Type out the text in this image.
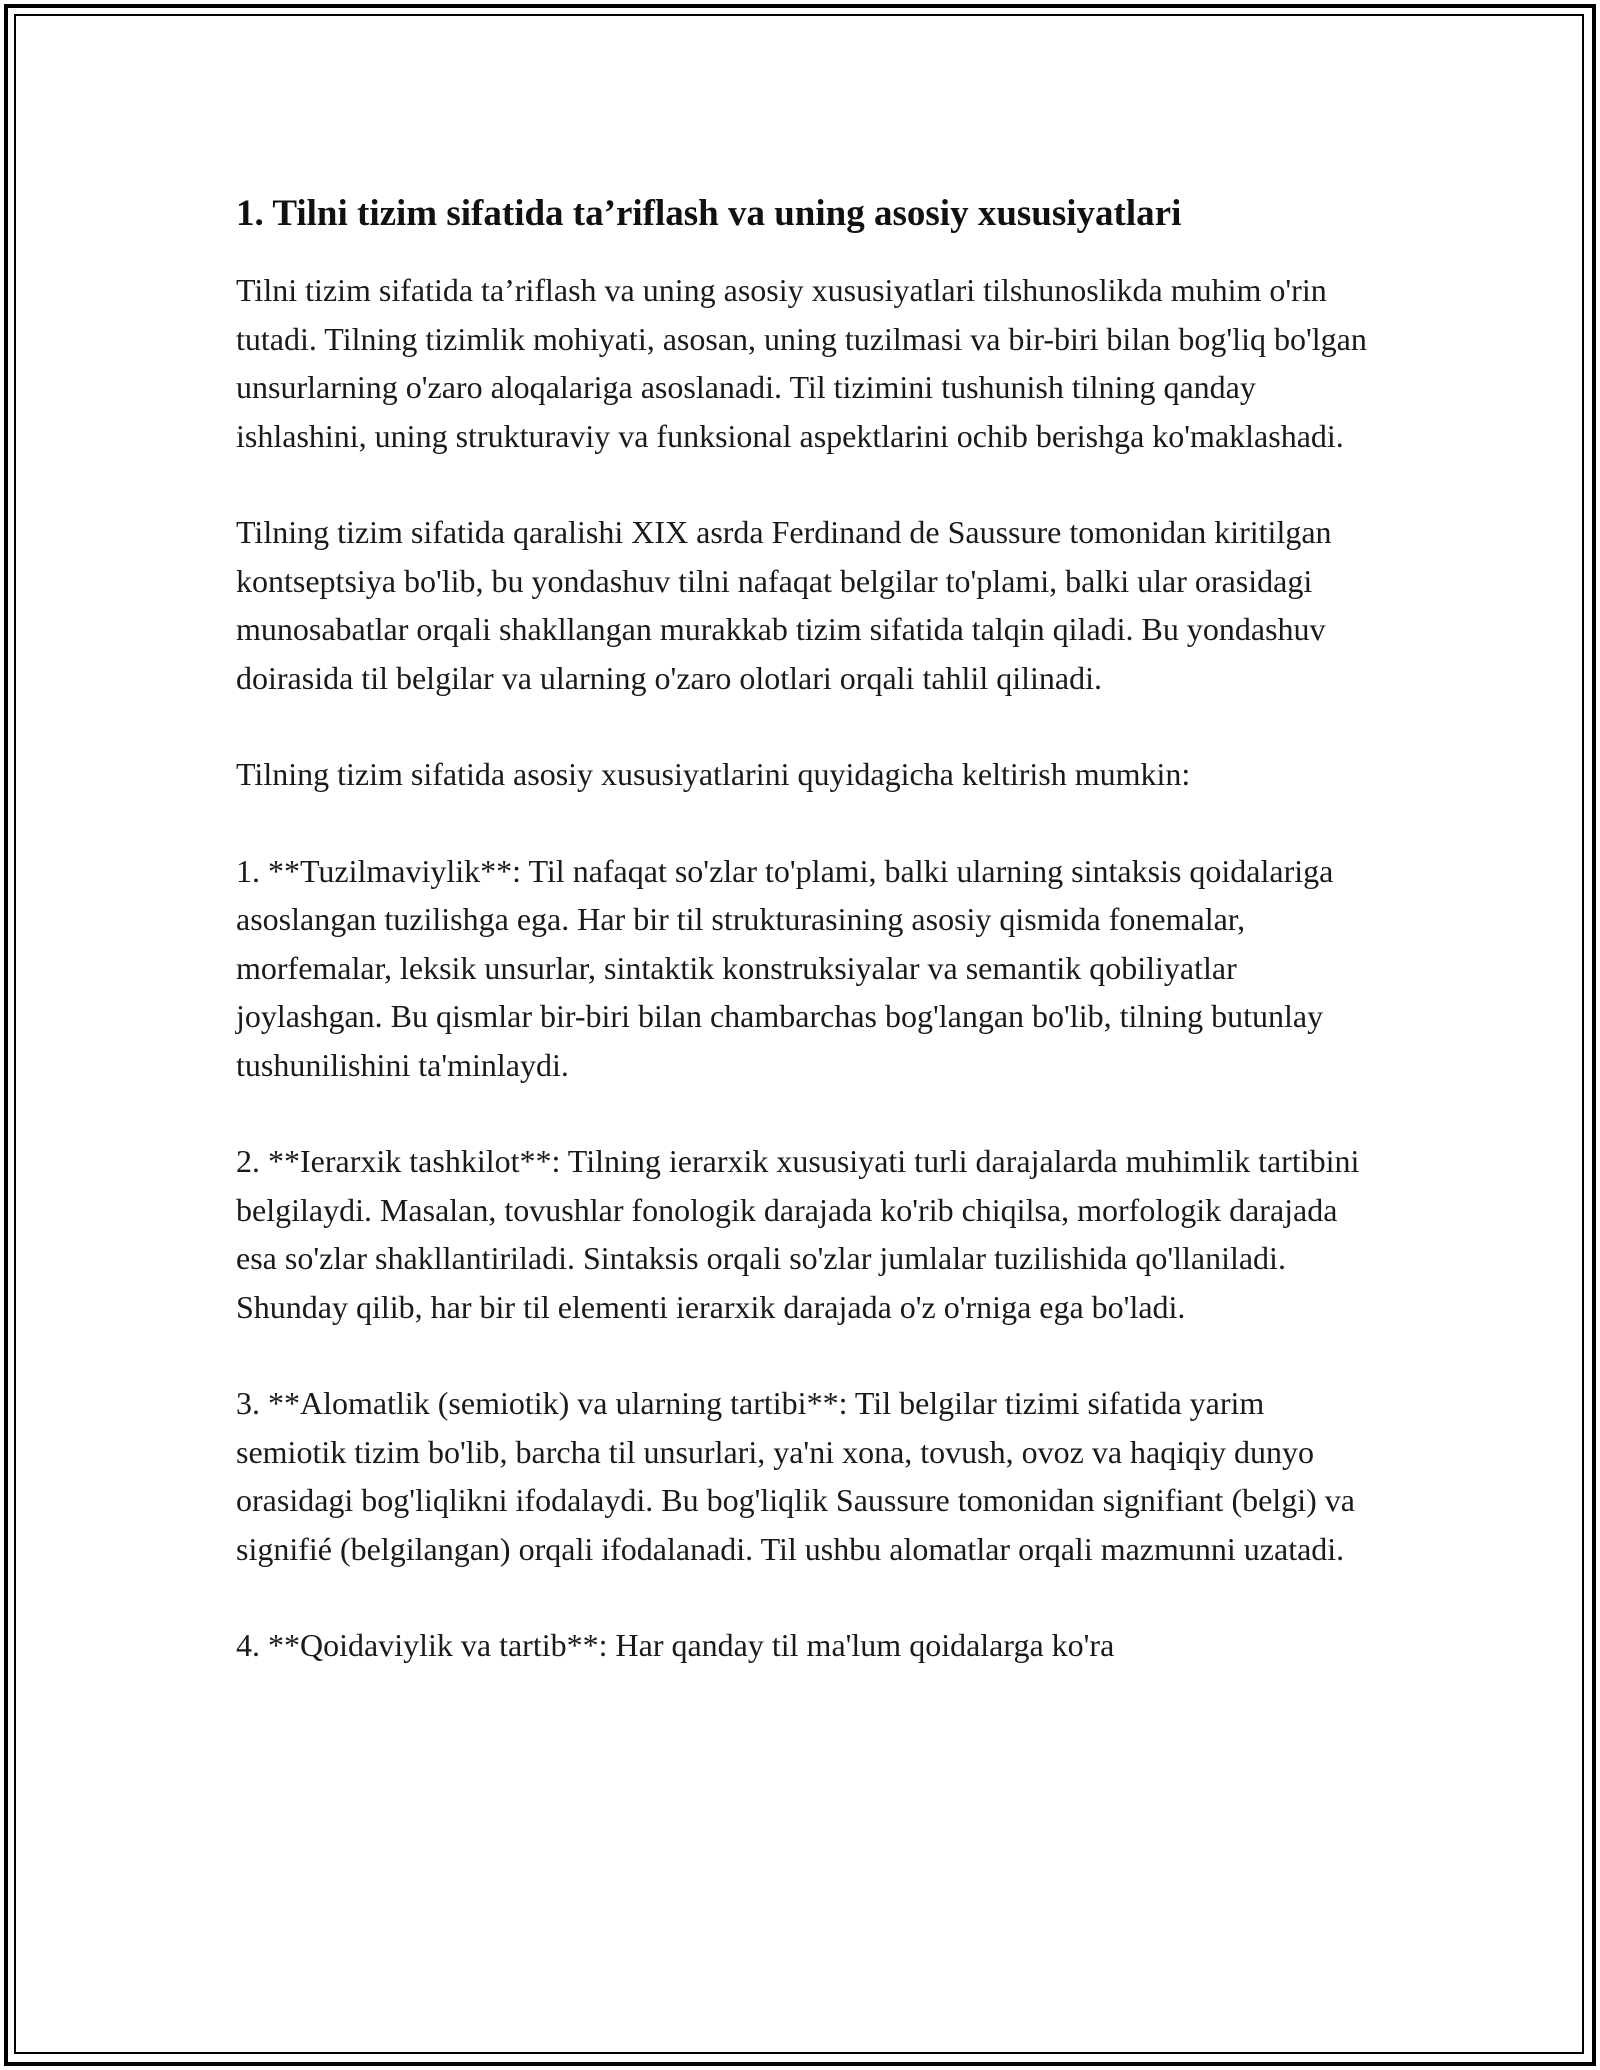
1. Tilni tizim sifatida ta’riflash va uning asosiy xususiyatlari

Tilni tizim sifatida ta’riflash va uning asosiy xususiyatlari tilshunoslikda muhim o'rin tutadi. Tilning tizimlik mohiyati, asosan, uning tuzilmasi va bir-biri bilan bog'liq bo'lgan unsurlarning o'zaro aloqalariga asoslanadi. Til tizimini tushunish tilning qanday ishlashini, uning strukturaviy va funksional aspektlarini ochib berishga ko'maklashadi.

Tilning tizim sifatida qaralishi XIX asrda Ferdinand de Saussure tomonidan kiritilgan kontseptsiya bo'lib, bu yondashuv tilni nafaqat belgilar to'plami, balki ular orasidagi munosabatlar orqali shakllangan murakkab tizim sifatida talqin qiladi. Bu yondashuv doirasida til belgilar va ularning o'zaro olotlari orqali tahlil qilinadi.

Tilning tizim sifatida asosiy xususiyatlarini quyidagicha keltirish mumkin:

1. **Tuzilmaviylik**: Til nafaqat so'zlar to'plami, balki ularning sintaksis qoidalariga asoslangan tuzilishga ega. Har bir til strukturasining asosiy qismida fonemalar, morfemalar, leksik unsurlar, sintaktik konstruksiyalar va semantik qobiliyatlar joylashgan. Bu qismlar bir-biri bilan chambarchas bog'langan bo'lib, tilning butunlay tushunilishini ta'minlaydi.

2. **Ierarxik tashkilot**: Tilning ierarxik xususiyati turli darajalarda muhimlik tartibini belgilaydi. Masalan, tovushlar fonologik darajada ko'rib chiqilsa, morfologik darajada esa so'zlar shakllantiriladi. Sintaksis orqali so'zlar jumlalar tuzilishida qo'llaniladi. Shunday qilib, har bir til elementi ierarxik darajada o'z o'rniga ega bo'ladi.

3. **Alomatlik (semiotik) va ularning tartibi**: Til belgilar tizimi sifatida yarim semiotik tizim bo'lib, barcha til unsurlari, ya'ni xona, tovush, ovoz va haqiqiy dunyo orasidagi bog'liqlikni ifodalaydi. Bu bog'liqlik Saussure tomonidan signifiant (belgi) va signifié (belgilangan) orqali ifodalanadi. Til ushbu alomatlar orqali mazmunni uzatadi.

4. **Qoidaviylik va tartib**: Har qanday til ma'lum qoidalarga ko'ra
